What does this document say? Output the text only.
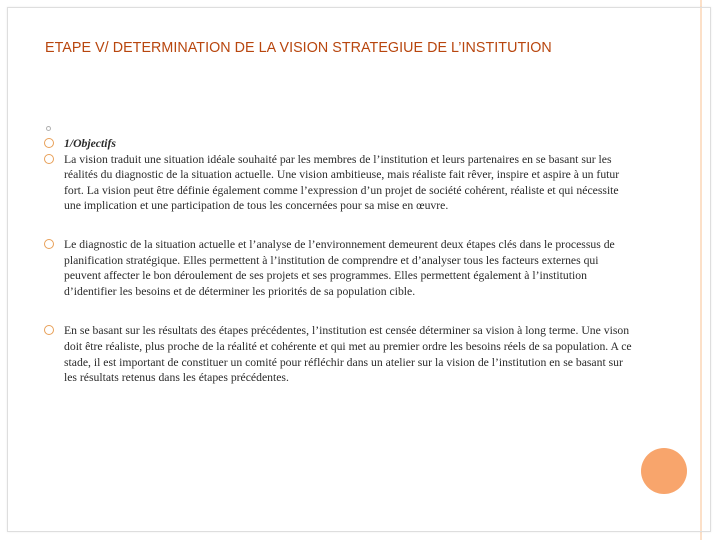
ETAPE V/ DETERMINATION DE LA VISION STRATEGIUE DE L’INSTITUTION
1/Objectifs
La vision traduit une situation idéale souhaité par les membres de l’institution et leurs partenaires en se basant sur les réalités du diagnostic de la situation actuelle. Une vision ambitieuse, mais réaliste fait rêver, inspire et aspire à un futur fort. La vision peut être définie également comme l’expression d’un projet de société cohérent, réaliste et qui nécessite une implication et une participation de tous les concernées pour sa mise en œuvre.
Le diagnostic de la situation actuelle et l’analyse de l’environnement demeurent deux étapes clés dans le processus de planification stratégique. Elles permettent à l’institution de comprendre et d’analyser tous les facteurs externes qui peuvent affecter le bon déroulement de ses projets et ses programmes. Elles permettent également à l’institution d’identifier les besoins et de déterminer les priorités de sa population cible.
En se basant sur les résultats des étapes précédentes, l’institution est censée déterminer sa vision à long terme. Une vison doit être réaliste, plus proche de la réalité et cohérente et qui met au premier ordre les besoins réels de sa population. A ce stade, il est important de constituer un comité pour réfléchir dans un atelier sur la vision de l’institution en se basant sur les résultats retenus dans les étapes précédentes.
